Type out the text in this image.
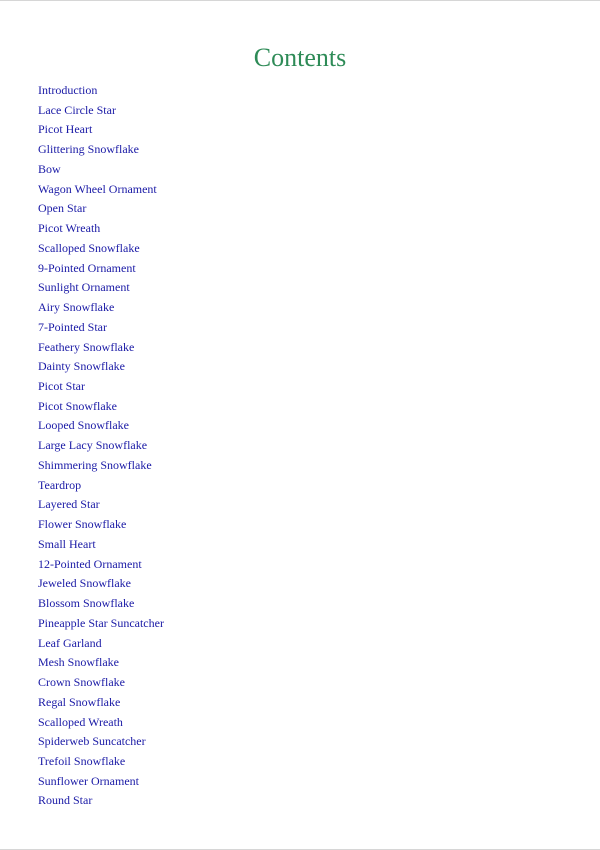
Contents
Introduction
Lace Circle Star
Picot Heart
Glittering Snowflake
Bow
Wagon Wheel Ornament
Open Star
Picot Wreath
Scalloped Snowflake
9-Pointed Ornament
Sunlight Ornament
Airy Snowflake
7-Pointed Star
Feathery Snowflake
Dainty Snowflake
Picot Star
Picot Snowflake
Looped Snowflake
Large Lacy Snowflake
Shimmering Snowflake
Teardrop
Layered Star
Flower Snowflake
Small Heart
12-Pointed Ornament
Jeweled Snowflake
Blossom Snowflake
Pineapple Star Suncatcher
Leaf Garland
Mesh Snowflake
Crown Snowflake
Regal Snowflake
Scalloped Wreath
Spiderweb Suncatcher
Trefoil Snowflake
Sunflower Ornament
Round Star
